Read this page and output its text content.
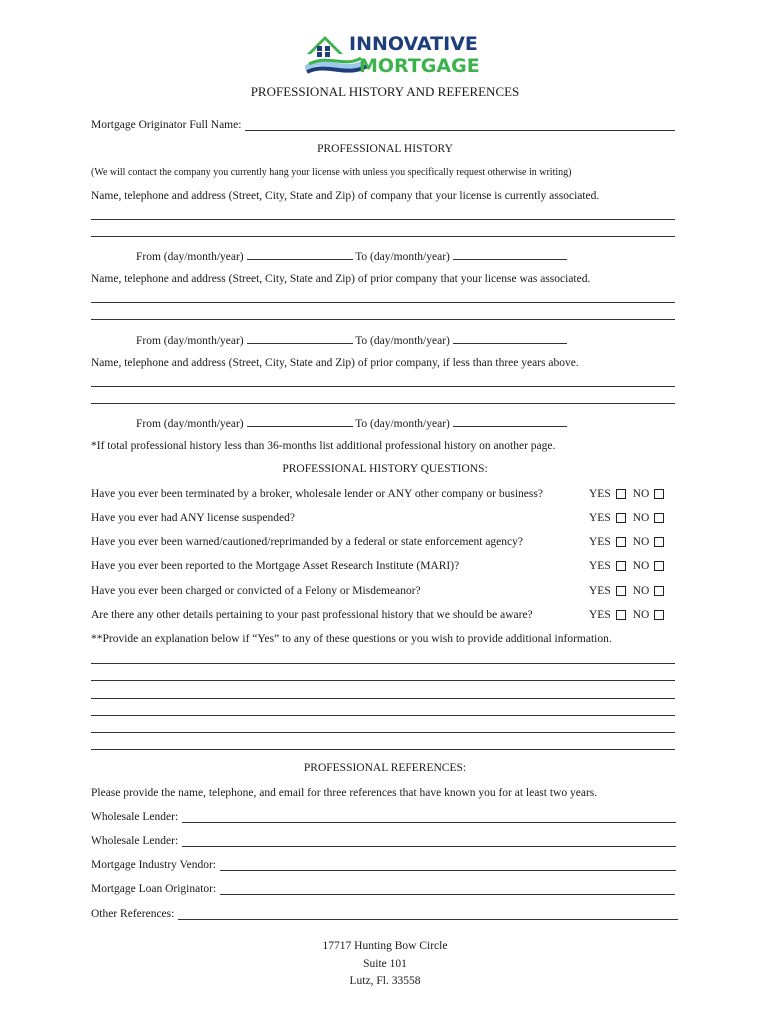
INNOVATIVE
MORTGAGE
PROFESSIONAL HISTORY AND REFERENCES
Mortgage Originator Full Name:
PROFESSIONAL HISTORY
(We will contact the company you currently hang your license with unless you specifically request otherwise in writing)
Name, telephone and address (Street, City, State and Zip) of company that your license is currently associated.
From (day/month/year)	To (day/month/year)
Name, telephone and address (Street, City, State and Zip) of prior company that your license was associated.
From (day/month/year)	To (day/month/year)
Name, telephone and address (Street, City, State and Zip) of prior company, if less than three years above.
From (day/month/year)	To (day/month/year)
*If total professional history less than 36-months list additional professional history on another page.
PROFESSIONAL HISTORY QUESTIONS:
Have you ever been terminated by a broker, wholesale lender or ANY other company or business?	YES NO
Have you ever had ANY license suspended?	YES NO
Have you ever been warned/cautioned/reprimanded by a federal or state enforcement agency?	YES NO
Have you ever been reported to the Mortgage Asset Research Institute (MARI)?	YES NO
Have you ever been charged or convicted of a Felony or Misdemeanor?	YES NO
Are there any other details pertaining to your past professional history that we should be aware?	YES NO
**Provide an explanation below if “Yes” to any of these questions or you wish to provide additional information.
PROFESSIONAL REFERENCES:
Please provide the name, telephone, and email for three references that have known you for at least two years.
Wholesale Lender:
Wholesale Lender:
Mortgage Industry Vendor:
Mortgage Loan Originator:
Other References:
17717 Hunting Bow Circle
Suite 101
Lutz, Fl. 33558
